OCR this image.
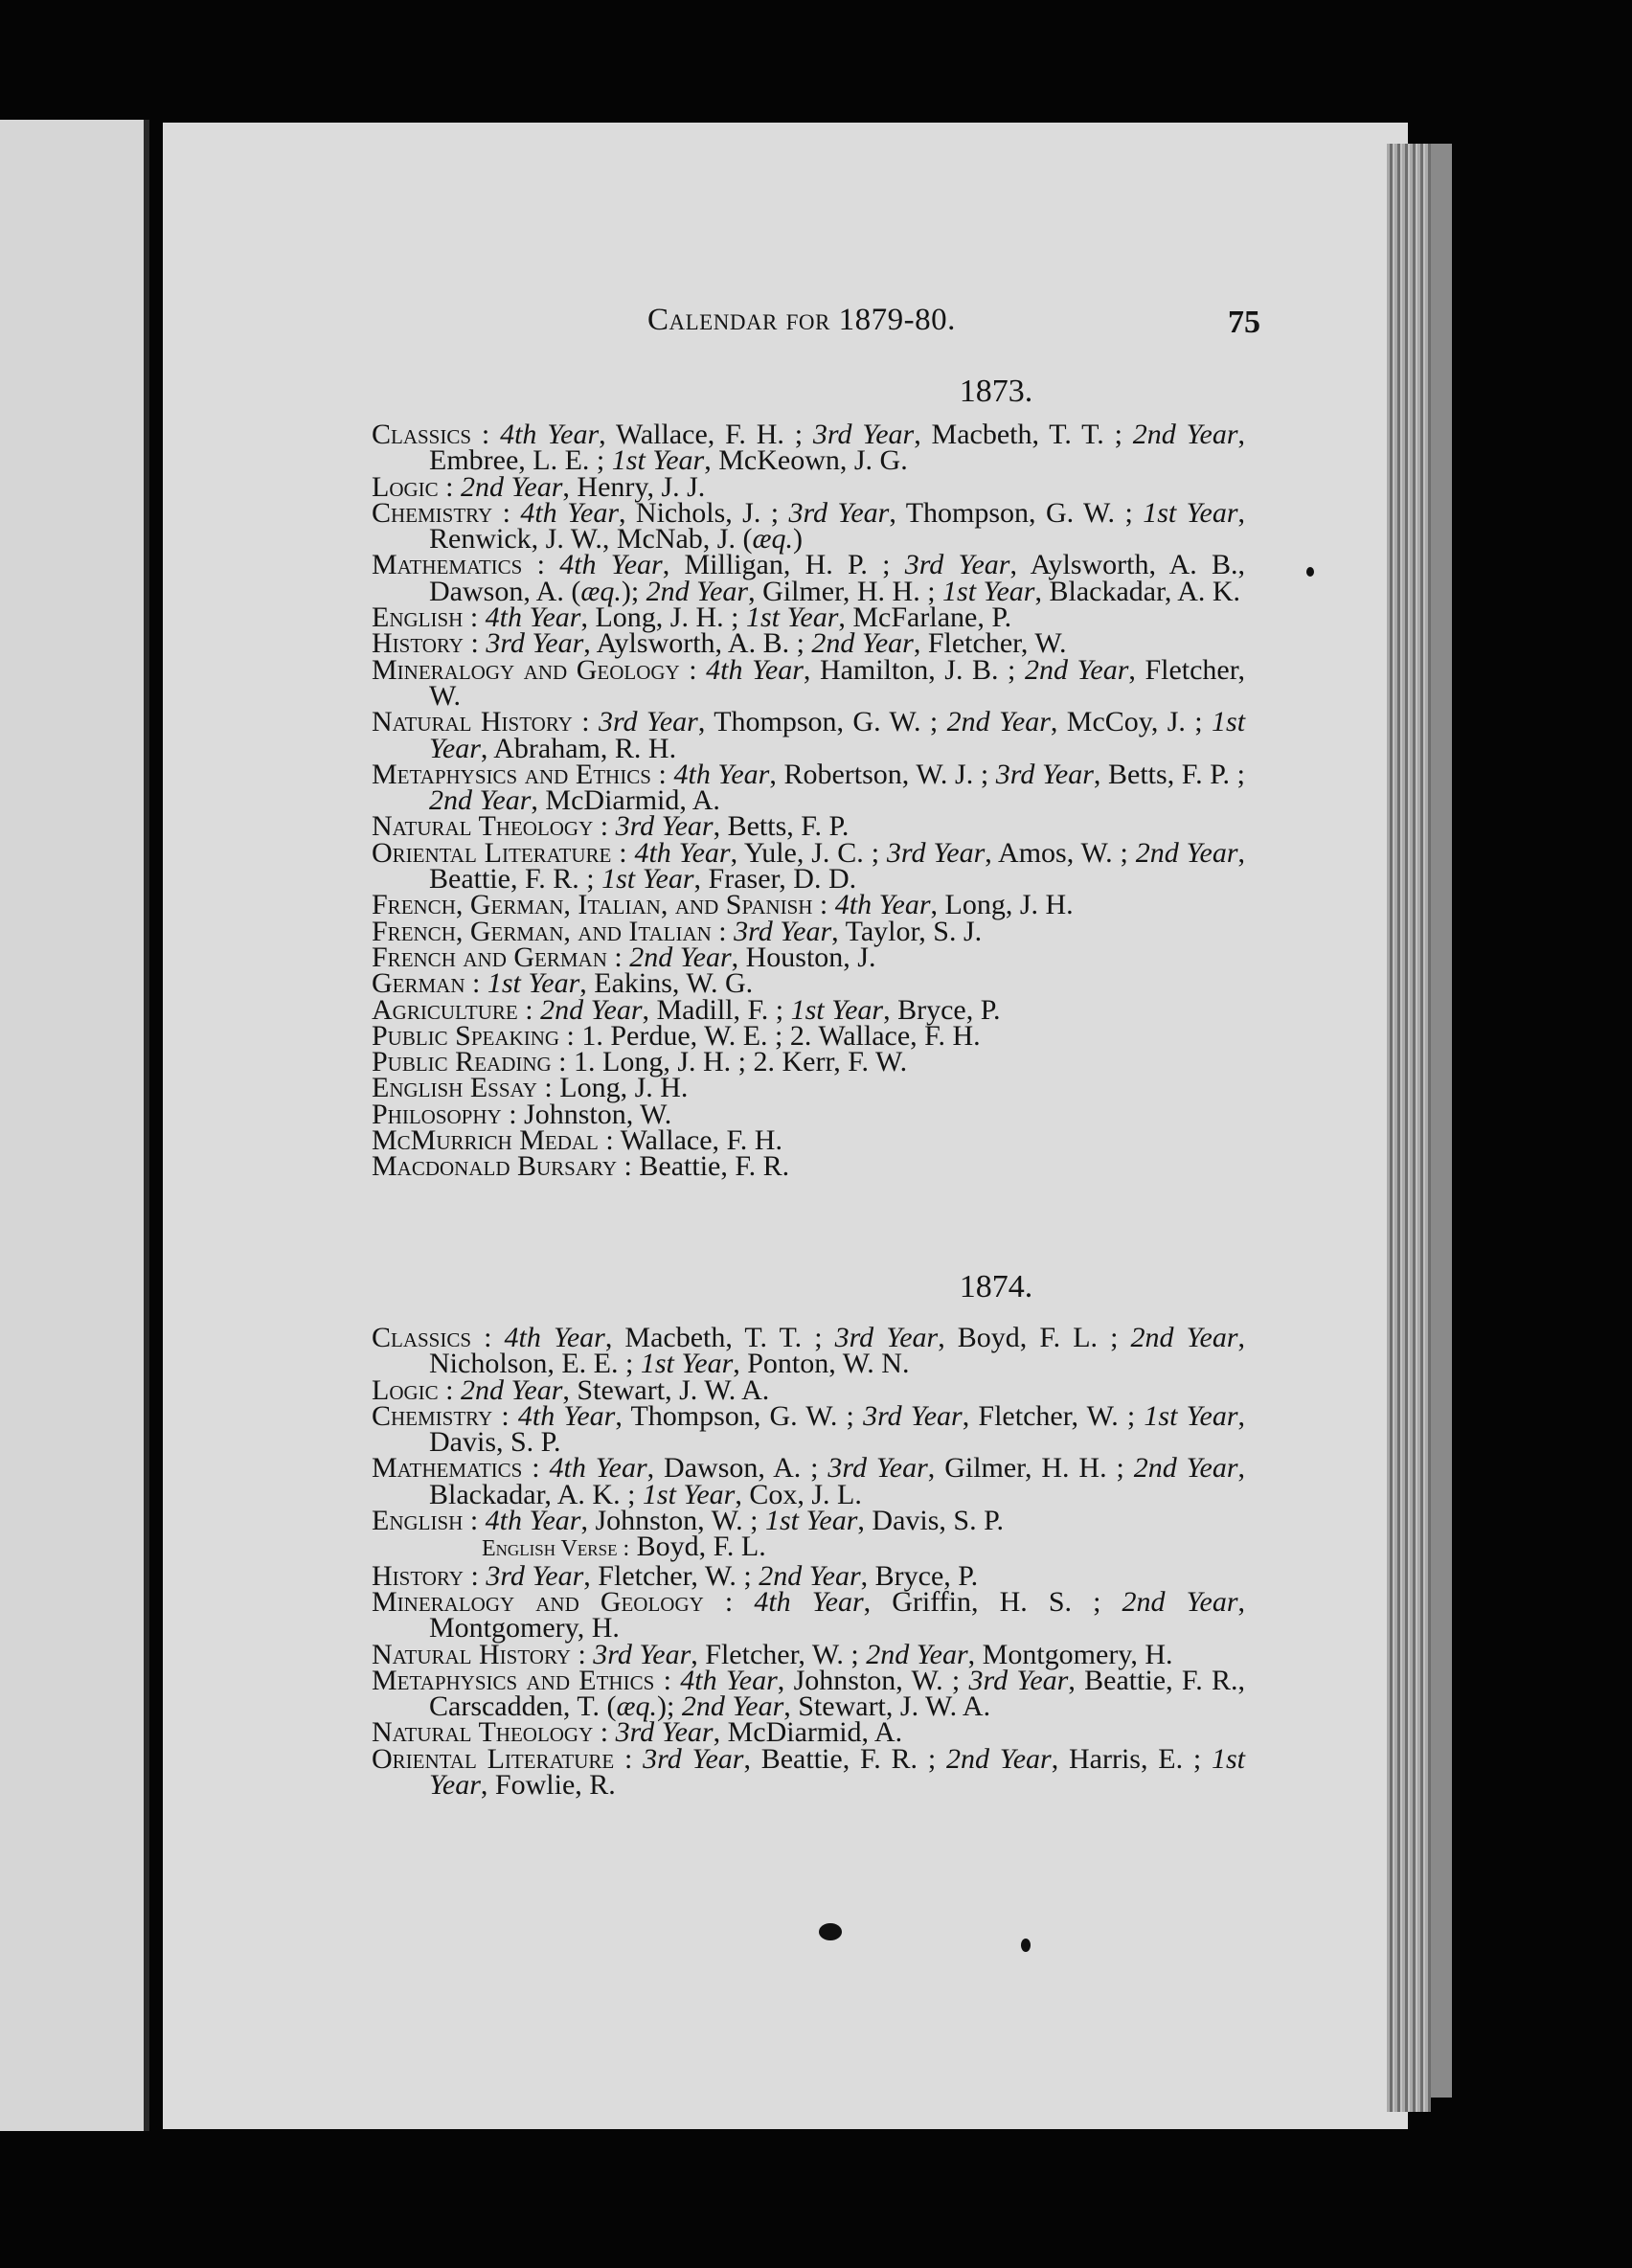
Calendar for 1879-80.	75
1873.
Classics : 4th Year, Wallace, F. H. ; 3rd Year, Macbeth, T. T. ; 2nd Year, Embree, L. E. ; 1st Year, McKeown, J. G.
Logic : 2nd Year, Henry, J. J.
Chemistry : 4th Year, Nichols, J. ; 3rd Year, Thompson, G. W. ; 1st Year, Renwick, J. W., McNab, J. (æq.)
Mathematics : 4th Year, Milligan, H. P. ; 3rd Year, Aylsworth, A. B., Dawson, A. (æq.); 2nd Year, Gilmer, H. H. ; 1st Year, Blackadar, A. K.
English : 4th Year, Long, J. H. ; 1st Year, McFarlane, P.
History : 3rd Year, Aylsworth, A. B. ; 2nd Year, Fletcher, W.
Mineralogy and Geology : 4th Year, Hamilton, J. B. ; 2nd Year, Fletcher, W.
Natural History : 3rd Year, Thompson, G. W. ; 2nd Year, McCoy, J. ; 1st Year, Abraham, R. H.
Metaphysics and Ethics : 4th Year, Robertson, W. J. ; 3rd Year, Betts, F. P. ; 2nd Year, McDiarmid, A.
Natural Theology : 3rd Year, Betts, F. P.
Oriental Literature : 4th Year, Yule, J. C. ; 3rd Year, Amos, W. ; 2nd Year, Beattie, F. R. ; 1st Year, Fraser, D. D.
French, German, Italian, and Spanish : 4th Year, Long, J. H.
French, German, and Italian : 3rd Year, Taylor, S. J.
French and German : 2nd Year, Houston, J.
German : 1st Year, Eakins, W. G.
Agriculture : 2nd Year, Madill, F. ; 1st Year, Bryce, P.
Public Speaking : 1. Perdue, W. E. ; 2. Wallace, F. H.
Public Reading : 1. Long, J. H. ; 2. Kerr, F. W.
English Essay : Long, J. H.
Philosophy : Johnston, W.
McMurrich Medal : Wallace, F. H.
Macdonald Bursary : Beattie, F. R.
1874.
Classics : 4th Year, Macbeth, T. T. ; 3rd Year, Boyd, F. L. ; 2nd Year, Nicholson, E. E. ; 1st Year, Ponton, W. N.
Logic : 2nd Year, Stewart, J. W. A.
Chemistry : 4th Year, Thompson, G. W. ; 3rd Year, Fletcher, W. ; 1st Year, Davis, S. P.
Mathematics : 4th Year, Dawson, A. ; 3rd Year, Gilmer, H. H. ; 2nd Year, Blackadar, A. K. ; 1st Year, Cox, J. L.
English : 4th Year, Johnston, W. ; 1st Year, Davis, S. P.
English Verse : Boyd, F. L.
History : 3rd Year, Fletcher, W. ; 2nd Year, Bryce, P.
Mineralogy and Geology : 4th Year, Griffin, H. S. ; 2nd Year, Montgomery, H.
Natural History : 3rd Year, Fletcher, W. ; 2nd Year, Montgomery, H.
Metaphysics and Ethics : 4th Year, Johnston, W. ; 3rd Year, Beattie, F. R., Carscadden, T. (æq.); 2nd Year, Stewart, J. W. A.
Natural Theology : 3rd Year, McDiarmid, A.
Oriental Literature : 3rd Year, Beattie, F. R. ; 2nd Year, Harris, E. ; 1st Year, Fowlie, R.
